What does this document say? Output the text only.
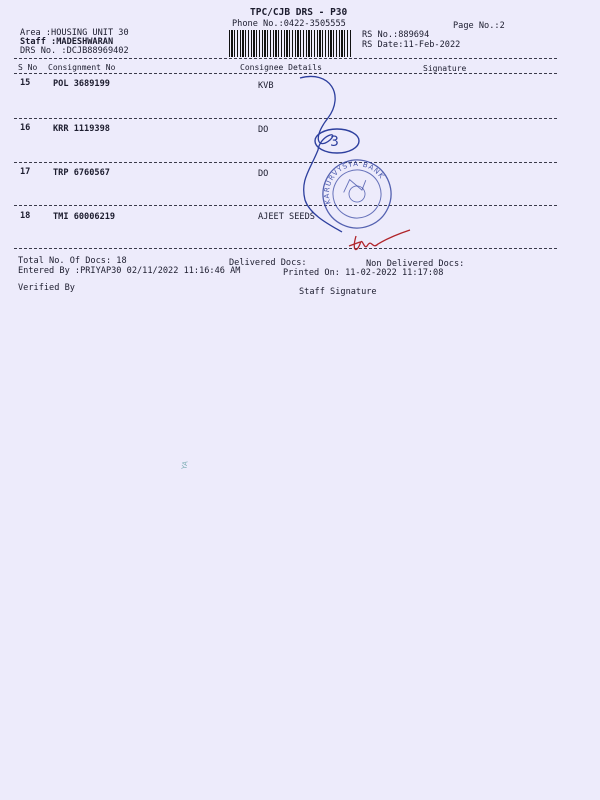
TPC/CJB DRS - P30
Phone No.:0422-3505555	Page No.:2
Area :HOUSING UNIT 30
Staff :MADESHWARAN
DRS No. :DCJB88969402
RS No.:889694
RS Date:11-Feb-2022
S No Consignment No	Consignee Details	Signature
15	POL 3689199	KVB
16	KRR 1119398	DO
17	TRP 6760567	DO
18	TMI 60006219	AJEET SEEDS
Total No. Of Docs: 18	Delivered Docs:	Non Delivered Docs:
Entered By :PRIYAP30 02/11/2022 11:16:46 AM	Printed On: 11-02-2022 11:17:08
Verified By	Staff Signature
3
KARURVYSYA BANK
YA
